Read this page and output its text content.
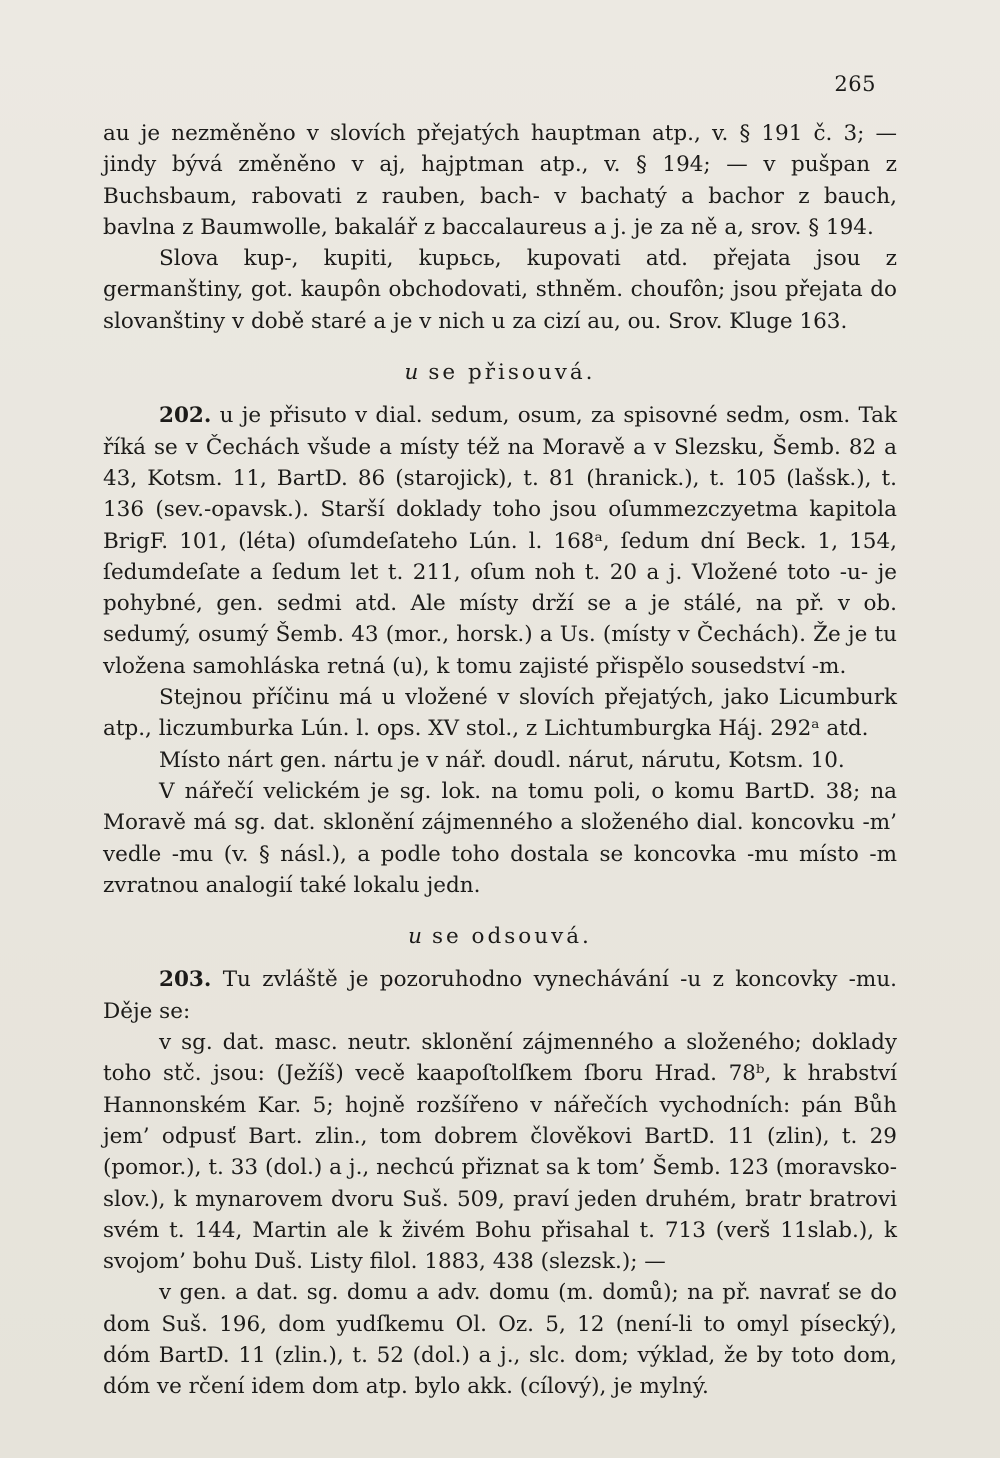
265

au je nezměněno v slovích přejatých hauptman atp., v. § 191 č. 3; — jindy bývá změněno v aj, hajptman atp., v. § 194; — v pušpan z Buchsbaum, rabovati z rauben, bach- v bachatý a bachor z bauch, bavlna z Baumwolle, bakalář z baccalaureus a j. je za ně a, srov. § 194.

Slova kup-, kupiti, kupьcь, kupovati atd. přejata jsou z germanštiny, got. kaupôn obchodovati, sthněm. choufôn; jsou přejata do slovanštiny v době staré a je v nich u za cizí au, ou. Srov. Kluge 163.

u se přisouvá.

202. u je přisuto v dial. sedum, osum, za spisovné sedm, osm. Tak říká se v Čechách všude a místy též na Moravě a v Slezsku, Šemb. 82 a 43, Kotsm. 11, BartD. 86 (starojick), t. 81 (hranick.), t. 105 (lašsk.), t. 136 (sev.-opavsk.). Starší doklady toho jsou oſummezczyetma kapitola BrigF. 101, (léta) oſumdeſateho Lún. l. 168ᵃ, ſedum dní Beck. 1, 154, ſedumdeſate a ſedum let t. 211, oſum noh t. 20 a j. Vložené toto -u- je pohybné, gen. sedmi atd. Ale místy drží se a je stálé, na př. v ob. sedumý, osumý Šemb. 43 (mor., horsk.) a Us. (místy v Čechách). Že je tu vložena samohláska retná (u), k tomu zajisté přispělo sousedství -m.

Stejnou příčinu má u vložené v slovích přejatých, jako Licumburk atp., liczumburka Lún. l. ops. XV stol., z Lichtumburgka Háj. 292ᵃ atd.

Místo nárt gen. nártu je v nář. doudl. nárut, nárutu, Kotsm. 10.

V nářečí velickém je sg. lok. na tomu poli, o komu BartD. 38; na Moravě má sg. dat. sklonění zájmenného a složeného dial. koncovku -m’ vedle -mu (v. § násl.), a podle toho dostala se koncovka -mu místo -m zvratnou analogií také lokalu jedn.

u se odsouvá.

203. Tu zvláště je pozoruhodno vynechávání -u z koncovky -mu. Děje se:

v sg. dat. masc. neutr. sklonění zájmenného a složeného; doklady toho stč. jsou: (Ježíš) vecě kaapoſtolſkem ſboru Hrad. 78ᵇ, k hrabství Hannonském Kar. 5; hojně rozšířeno v nářečích vychodních: pán Bůh jem’ odpusť Bart. zlin., tom dobrem člověkovi BartD. 11 (zlin), t. 29 (pomor.), t. 33 (dol.) a j., nechcú přiznat sa k tom’ Šemb. 123 (moravsko-slov.), k mynarovem dvoru Suš. 509, praví jeden druhém, bratr bratrovi svém t. 144, Martin ale k živém Bohu přisahal t. 713 (verš 11slab.), k svojom’ bohu Duš. Listy filol. 1883, 438 (slezsk.); —

v gen. a dat. sg. domu a adv. domu (m. domů); na př. navrať se do dom Suš. 196, dom yudſkemu Ol. Oz. 5, 12 (není-li to omyl písecký), dóm BartD. 11 (zlin.), t. 52 (dol.) a j., slc. dom; výklad, že by toto dom, dóm ve rčení idem dom atp. bylo akk. (cílový), je mylný.
